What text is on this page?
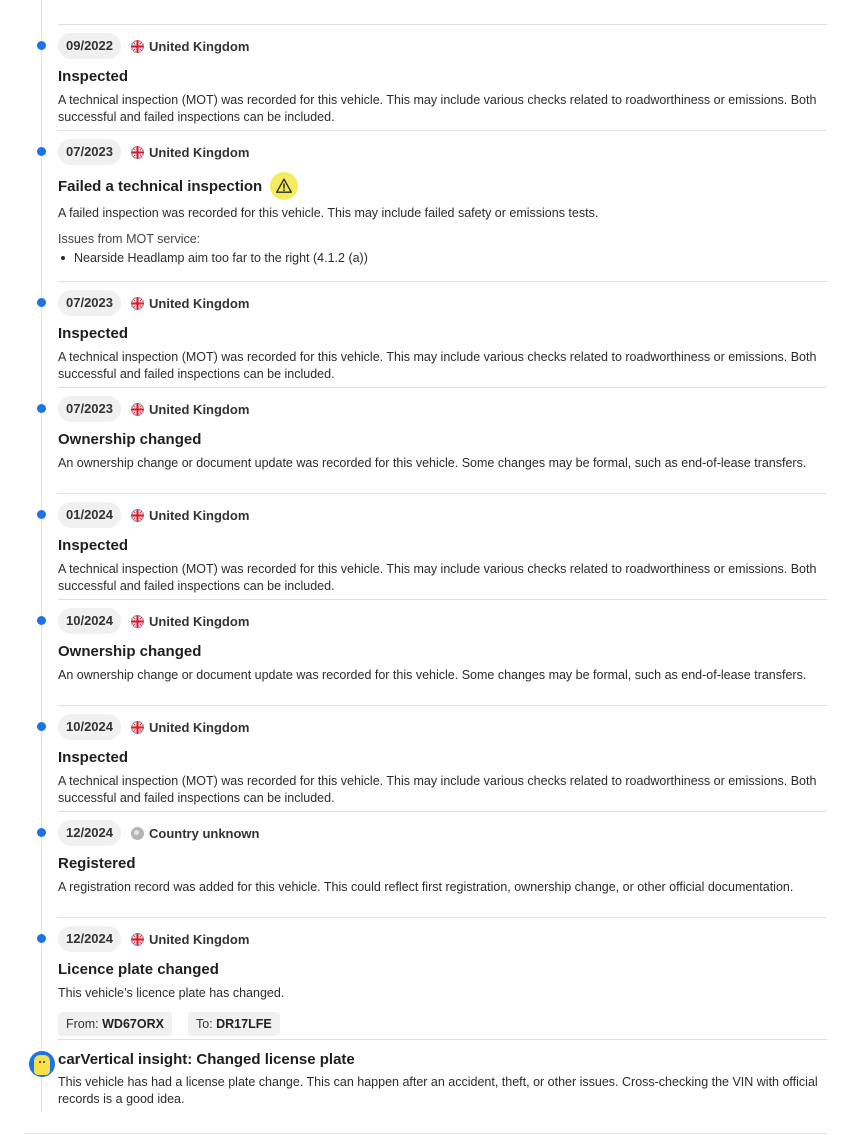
09/2022	United Kingdom
Inspected

A technical inspection (MOT) was recorded for this vehicle. This may include various checks related to roadworthiness or emissions. Both successful and failed inspections can be included.

07/2023	United Kingdom
Failed a technical inspection

A failed inspection was recorded for this vehicle. This may include failed safety or emissions tests.

Issues from MOT service:
Nearside Headlamp aim too far to the right (4.1.2 (a))
07/2023	United Kingdom
Inspected

A technical inspection (MOT) was recorded for this vehicle. This may include various checks related to roadworthiness or emissions. Both successful and failed inspections can be included.

07/2023	United Kingdom
Ownership changed

An ownership change or document update was recorded for this vehicle. Some changes may be formal, such as end-of-lease transfers.

01/2024	United Kingdom
Inspected

A technical inspection (MOT) was recorded for this vehicle. This may include various checks related to roadworthiness or emissions. Both successful and failed inspections can be included.

10/2024	United Kingdom
Ownership changed

An ownership change or document update was recorded for this vehicle. Some changes may be formal, such as end-of-lease transfers.

10/2024	United Kingdom
Inspected

A technical inspection (MOT) was recorded for this vehicle. This may include various checks related to roadworthiness or emissions. Both successful and failed inspections can be included.

12/2024	Country unknown
Registered

A registration record was added for this vehicle. This could reflect first registration, ownership change, or other official documentation.

12/2024	United Kingdom
Licence plate changed

This vehicle’s licence plate has changed.

From: WD67ORX	To: DR17LFE
carVertical insight: Changed license plate

This vehicle has had a license plate change. This can happen after an accident, theft, or other issues. Cross-checking the VIN with official records is a good idea.
